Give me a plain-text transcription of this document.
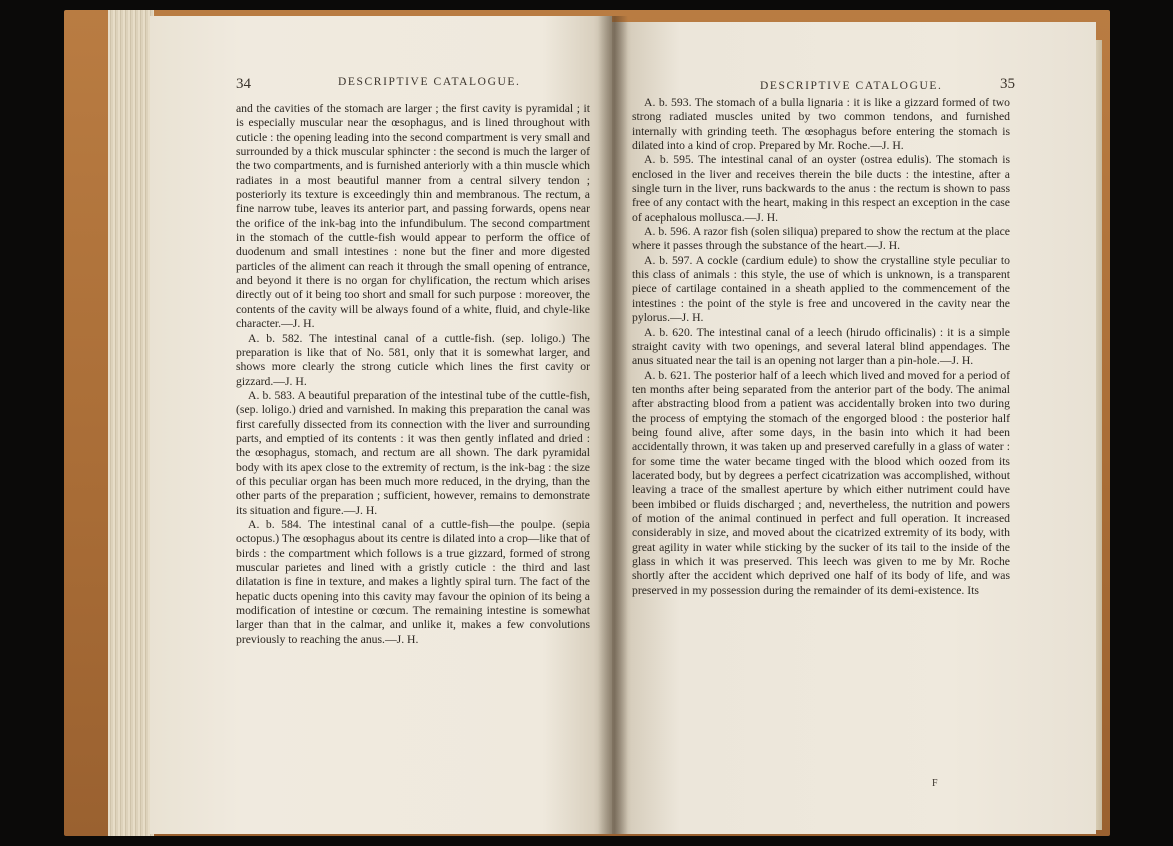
34	DESCRIPTIVE CATALOGUE.

and the cavities of the stomach are larger ; the first cavity is pyramidal ; it is especially muscular near the œsophagus, and is lined throughout with cuticle : the opening leading into the second compartment is very small and surrounded by a thick muscular sphincter : the second is much the larger of the two compartments, and is furnished anteriorly with a thin muscle which radiates in a most beautiful manner from a central silvery tendon ; posteriorly its texture is exceedingly thin and membranous. The rectum, a fine narrow tube, leaves its anterior part, and passing forwards, opens near the orifice of the ink-bag into the infundibulum. The second compartment in the stomach of the cuttle-fish would appear to perform the office of duodenum and small intestines : none but the finer and more digested particles of the aliment can reach it through the small opening of entrance, and beyond it there is no organ for chylification, the rectum which arises directly out of it being too short and small for such purpose : moreover, the contents of the cavity will be always found of a white, fluid, and chyle-like character.—J. H.

A. b. 582. The intestinal canal of a cuttle-fish. (sep. loligo.) The preparation is like that of No. 581, only that it is somewhat larger, and shows more clearly the strong cuticle which lines the first cavity or gizzard.—J. H.

A. b. 583. A beautiful preparation of the intestinal tube of the cuttle-fish, (sep. loligo.) dried and varnished. In making this preparation the canal was first carefully dissected from its connection with the liver and surrounding parts, and emptied of its contents : it was then gently inflated and dried : the œsophagus, stomach, and rectum are all shown. The dark pyramidal body with its apex close to the extremity of rectum, is the ink-bag : the size of this peculiar organ has been much more reduced, in the drying, than the other parts of the preparation ; sufficient, however, remains to demonstrate its situation and figure.—J. H.

A. b. 584. The intestinal canal of a cuttle-fish—the poulpe. (sepia octopus.) The œsophagus about its centre is dilated into a crop—like that of birds : the compartment which follows is a true gizzard, formed of strong muscular parietes and lined with a gristly cuticle : the third and last dilatation is fine in texture, and makes a lightly spiral turn. The fact of the hepatic ducts opening into this cavity may favour the opinion of its being a modification of intestine or cœcum. The remaining intestine is somewhat larger than that in the calmar, and unlike it, makes a few convolutions previously to reaching the anus.—J. H.

DESCRIPTIVE CATALOGUE.	35

A. b. 593. The stomach of a bulla lignaria : it is like a gizzard formed of two strong radiated muscles united by two common tendons, and furnished internally with grinding teeth. The œsophagus before entering the stomach is dilated into a kind of crop. Prepared by Mr. Roche.—J. H.

A. b. 595. The intestinal canal of an oyster (ostrea edulis). The stomach is enclosed in the liver and receives therein the bile ducts : the intestine, after a single turn in the liver, runs backwards to the anus : the rectum is shown to pass free of any contact with the heart, making in this respect an exception in the case of acephalous mollusca.—J. H.

A. b. 596. A razor fish (solen siliqua) prepared to show the rectum at the place where it passes through the substance of the heart.—J. H.

A. b. 597. A cockle (cardium edule) to show the crystalline style peculiar to this class of animals : this style, the use of which is unknown, is a transparent piece of cartilage contained in a sheath applied to the commencement of the intestines : the point of the style is free and uncovered in the cavity near the pylorus.—J. H.

A. b. 620. The intestinal canal of a leech (hirudo officinalis) : it is a simple straight cavity with two openings, and several lateral blind appendages. The anus situated near the tail is an opening not larger than a pin-hole.—J. H.

A. b. 621. The posterior half of a leech which lived and moved for a period of ten months after being separated from the anterior part of the body. The animal after abstracting blood from a patient was accidentally broken into two during the process of emptying the stomach of the engorged blood : the posterior half being found alive, after some days, in the basin into which it had been accidentally thrown, it was taken up and preserved carefully in a glass of water : for some time the water became tinged with the blood which oozed from its lacerated body, but by degrees a perfect cicatrization was accomplished, without leaving a trace of the smallest aperture by which either nutriment could have been imbibed or fluids discharged ; and, nevertheless, the nutrition and powers of motion of the animal continued in perfect and full operation. It increased considerably in size, and moved about the cicatrized extremity of its body, with great agility in water while sticking by the sucker of its tail to the inside of the glass in which it was preserved. This leech was given to me by Mr. Roche shortly after the accident which deprived one half of its body of life, and was preserved in my possession during the remainder of its demi-existence. Its

F
